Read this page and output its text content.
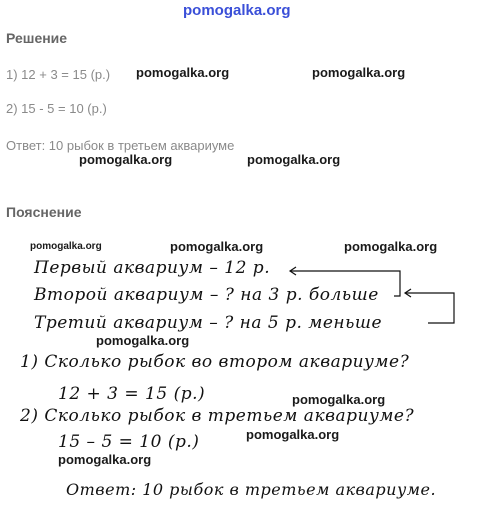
pomogalka.org
Решение
1) 12 + 3 = 15 (р.) pomogalka.org	pomogalka.org
2) 15 - 5 = 10 (р.)
Ответ: 10 рыбок в третьем аквариуме
pomogalka.org	pomogalka.org
Пояснение
pomogalka.org	pomogalka.org	pomogalka.org
Первый аквариум – 12 р.
Второй аквариум – ? на 3 р. больше
Третий аквариум – ? на 5 р. меньше
pomogalka.org
1) Сколько рыбок во втором аквариуме?
12 + 3 = 15 (р.)	pomogalka.org
2) Сколько рыбок в третьем аквариуме?
pomogalka.org
15 – 5 = 10 (р.)
pomogalka.org
Ответ: 10 рыбок в третьем аквариуме.
